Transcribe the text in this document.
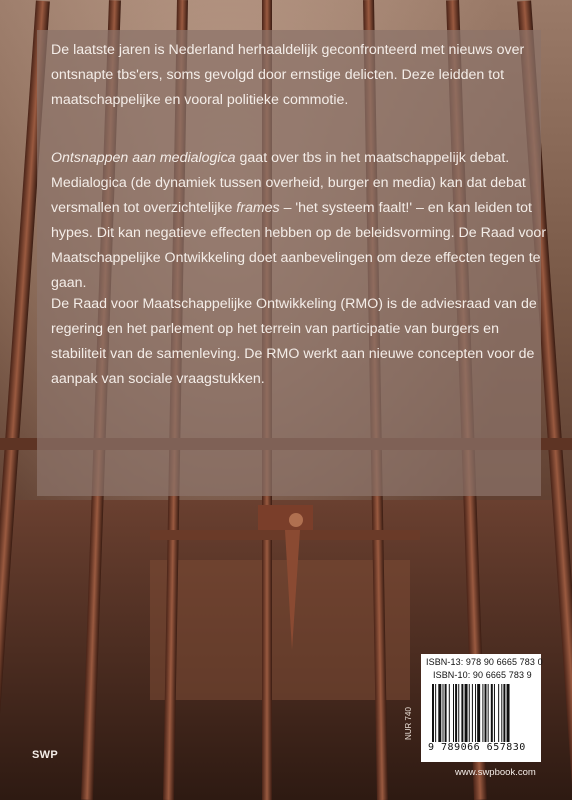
De laatste jaren is Nederland herhaaldelijk geconfronteerd met nieuws over ontsnapte tbs'ers, soms gevolgd door ernstige delicten. Deze leidden tot maatschappelijke en vooral politieke commotie.

Ontsnappen aan medialogica gaat over tbs in het maatschappelijk debat. Medialogica (de dynamiek tussen overheid, burger en media) kan dat debat versmallen tot overzichtelijke frames – 'het systeem faalt!' – en kan leiden tot hypes. Dit kan negatieve effecten hebben op de beleidsvorming. De Raad voor Maatschappelijke Ontwikkeling doet aanbevelingen om deze effecten tegen te gaan.

De Raad voor Maatschappelijke Ontwikkeling (RMO) is de adviesraad van de regering en het parlement op het terrein van participatie van burgers en stabiliteit van de samenleving. De RMO werkt aan nieuwe concepten voor de aanpak van sociale vraagstukken.

ISBN-13: 978 90 6665 783 0
ISBN-10: 90 6665 783 9
9 789066 657830
NUR 740
SWP
www.swpbook.com
